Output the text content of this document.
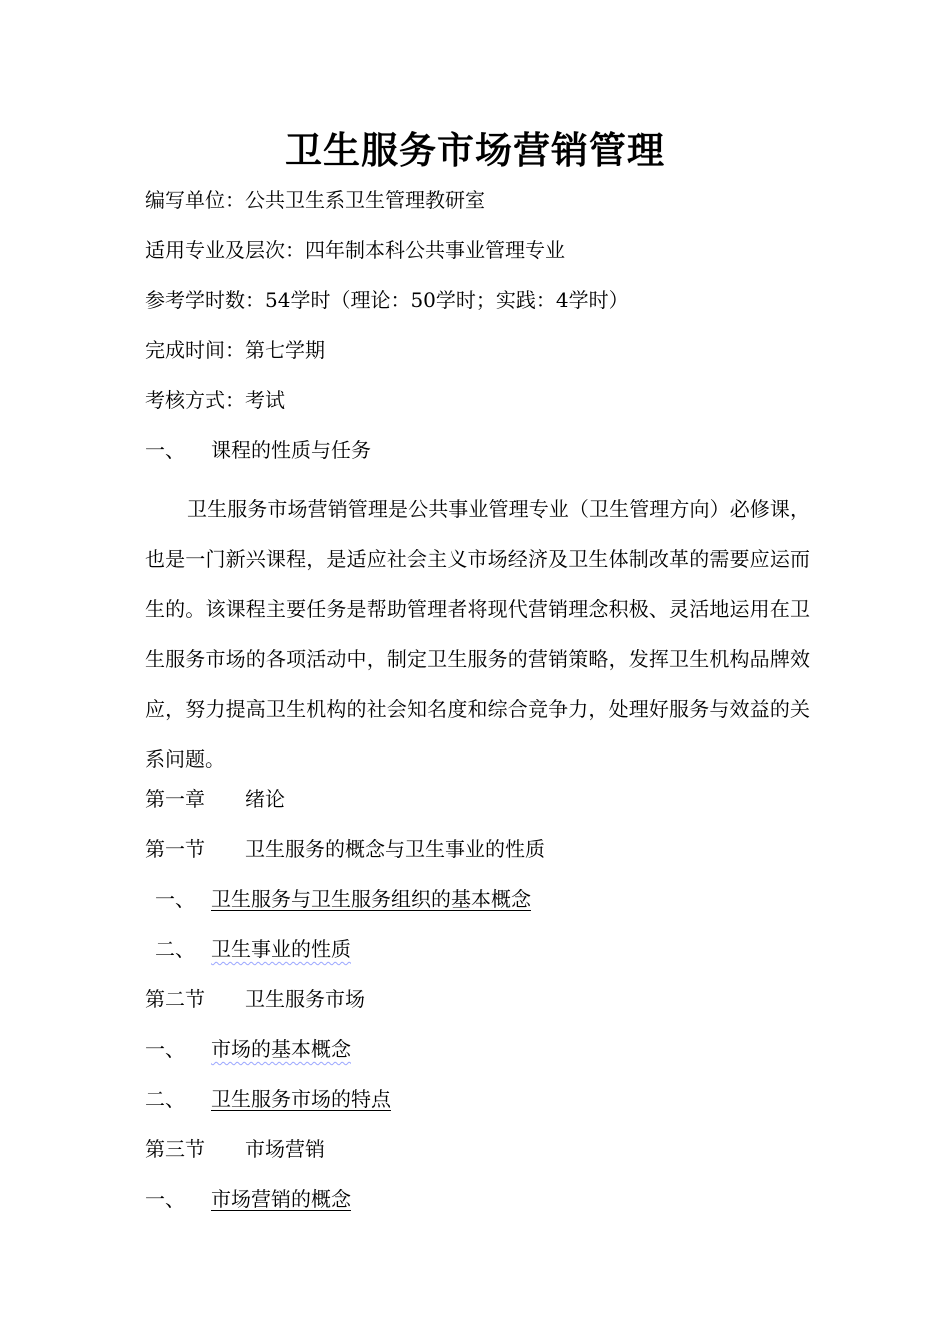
卫生服务市场营销管理
编写单位：公共卫生系卫生管理教研室
适用专业及层次：四年制本科公共事业管理专业
参考学时数：54学时（理论：50学时；实践：4学时）
完成时间：第七学期
考核方式：考试
一、 课程的性质与任务
卫生服务市场营销管理是公共事业管理专业（卫生管理方向）必修课，也是一门新兴课程，是适应社会主义市场经济及卫生体制改革的需要应运而生的。该课程主要任务是帮助管理者将现代营销理念积极、灵活地运用在卫生服务市场的各项活动中，制定卫生服务的营销策略，发挥卫生机构品牌效应，努力提高卫生机构的社会知名度和综合竞争力，处理好服务与效益的关系问题。
第一章 绪论
第一节 卫生服务的概念与卫生事业的性质
一、 卫生服务与卫生服务组织的基本概念
二、 卫生事业的性质
第二节 卫生服务市场
一、 市场的基本概念
二、 卫生服务市场的特点
第三节 市场营销
一、 市场营销的概念
